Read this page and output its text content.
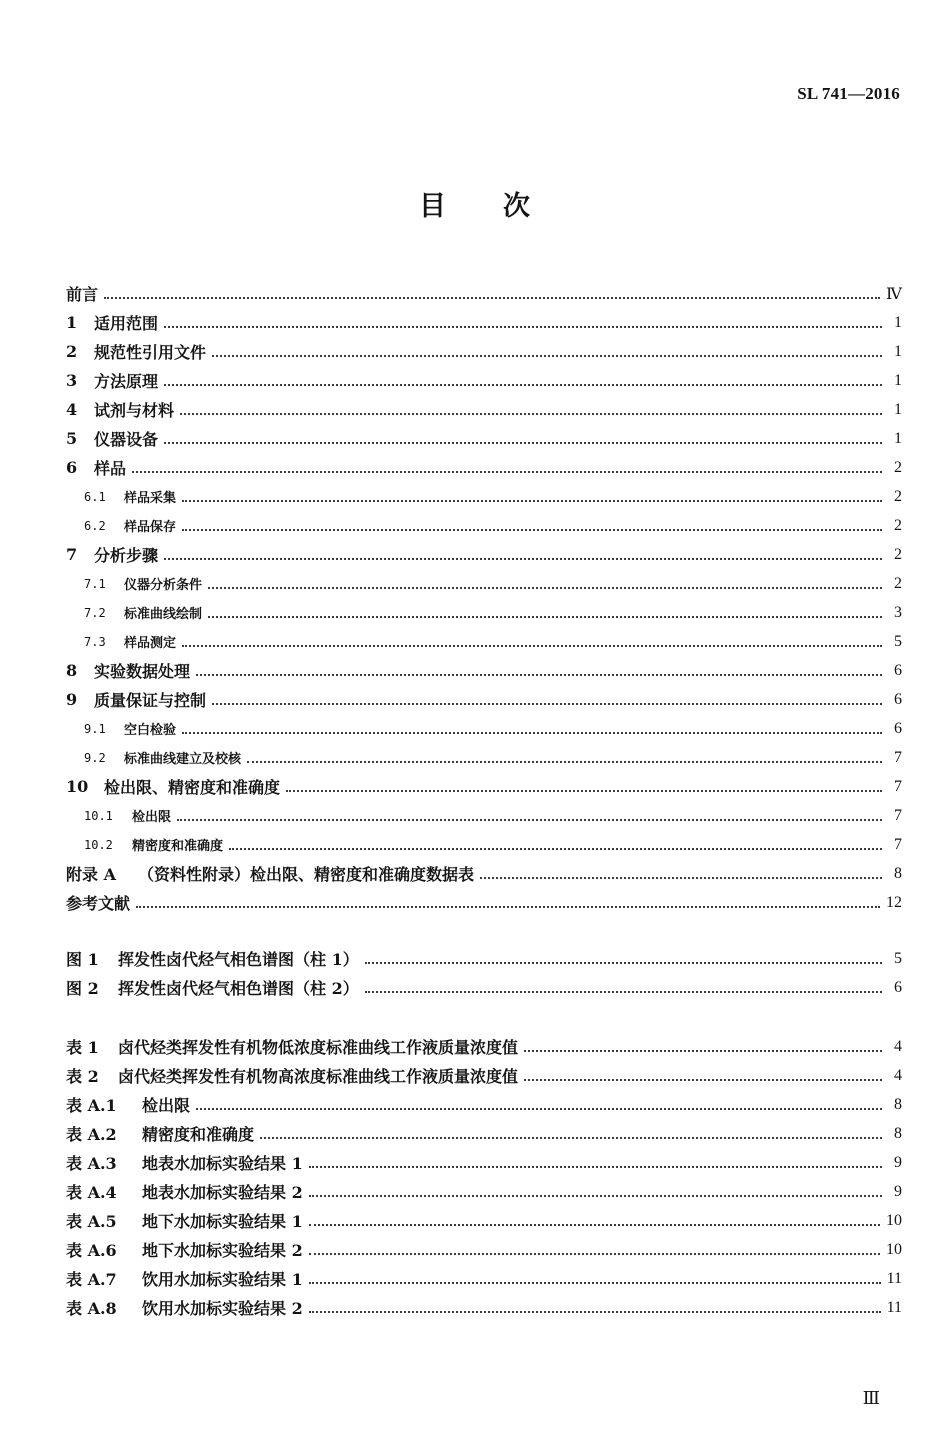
SL 741—2016
目　　次
前言	Ⅳ
1	适用范围	1
2	规范性引用文件	1
3	方法原理	1
4	试剂与材料	1
5	仪器设备	1
6	样品	2
6.1	样品采集	2
6.2	样品保存	2
7	分析步骤	2
7.1	仪器分析条件	2
7.2	标准曲线绘制	3
7.3	样品测定	5
8	实验数据处理	6
9	质量保证与控制	6
9.1	空白检验	6
9.2	标准曲线建立及校核	7
10 检出限、精密度和准确度	7
10.1	检出限	7
10.2	精密度和准确度	7
附录 A	（资料性附录）检出限、精密度和准确度数据表	8
参考文献	12
图 1	挥发性卤代烃气相色谱图（柱 1）	5
图 2	挥发性卤代烃气相色谱图（柱 2）	6
表 1	卤代烃类挥发性有机物低浓度标准曲线工作液质量浓度值	4
表 2	卤代烃类挥发性有机物高浓度标准曲线工作液质量浓度值	4
表 A.1	检出限	8
表 A.2	精密度和准确度	8
表 A.3	地表水加标实验结果 1	9
表 A.4	地表水加标实验结果 2	9
表 A.5	地下水加标实验结果 1	10
表 A.6	地下水加标实验结果 2	10
表 A.7	饮用水加标实验结果 1	11
表 A.8	饮用水加标实验结果 2	11
Ⅲ
